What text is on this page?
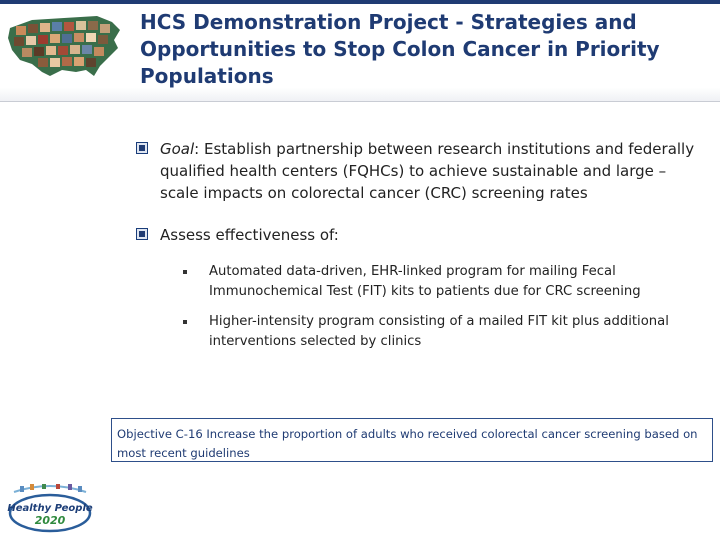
HCS Demonstration Project - Strategies and Opportunities to Stop Colon Cancer in Priority Populations
Goal: Establish partnership between research institutions and federally qualified health centers (FQHCs) to achieve sustainable and large –scale impacts on colorectal cancer (CRC) screening rates
Assess effectiveness of:
Automated data-driven, EHR-linked program for mailing Fecal Immunochemical Test (FIT) kits to patients due for CRC screening
Higher-intensity program consisting of a mailed FIT kit plus additional interventions selected by clinics
Objective C-16 Increase the proportion of adults who received colorectal cancer screening based on most recent guidelines
Healthy People
2020
